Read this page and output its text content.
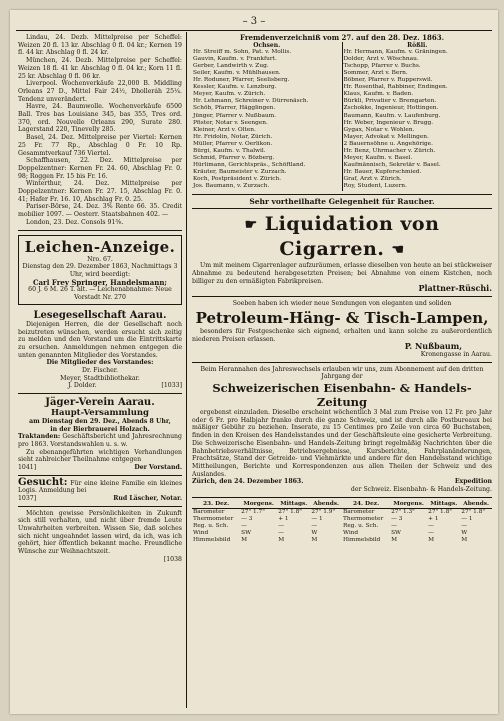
– 3 –

Lindau, 24. Dezb. Mittelpreise per Scheffel: Weizen 20 fl. 13 kr. Abschlag 0 fl. 04 kr.; Kernen 19 fl. 44 kr. Abschlag 0 fl. 24 kr.

München, 24. Dezb. Mittelpreise per Scheffel: Weizen 18 fl. 41 kr. Abschlag 0 fl. 04 kr.; Korn 11 fl. 25 kr. Abschlag 0 fl. 06 kr.

Liverpool. Wochenverkäufe 22,000 B. Middling Orleans 27 D., Mittel Fair 24½, Dholleráh 25¼. Tendenz unverändert.

Havre, 24. Baumwolle. Wochenverkäufe 6500 Ball. Tres bas Louisiane 345, bas 355, Tres ord. 370, ord. Nouvelle Orleans 290, Surate 280. Lagerstand 220, Tinevelly 285.

Basel, 24. Dez. Mittelpreise per Viertel: Kernen 25 Fr. 77 Rp., Abschlag 0 Fr. 10 Rp. Gesammtverkauf 736 Viertel.

Schaffhausen, 22. Dez. Mittelpreise per Doppelzentner: Kernen Fr. 24. 60, Abschlag Fr. 0. 98; Roggen Fr. 15 bis Fr. 16.

Winterthur, 24. Dez. Mittelpreise per Doppelzentner: Kernen Fr. 27. 15, Abschlag Fr. 0. 41; Hafer Fr. 16. 10, Abschlag Fr. 0. 25.

Pariser-Börse, 24. Dez. 3% Rente 66. 35. Credit mobilier 1097. — Oesterr. Staatsbahnen 402. —

London, 23. Dez. Consols 91⅜.

Leichen-Anzeige.

Nro. 67.

Dienstag den 29. Dezember 1863, Nachmittags 3 Uhr, wird beerdigt:

Carl Frey Springer, Handelsmann;

60 J. 6 M. 26 T. alt. — Leichenabnahme: Neue Vorstadt Nr. 270

Lesegesellschaft Aarau.

Diejenigen Herren, die der Gesellschaft noch beizutreten wünschen, werden ersucht sich zeitig zu melden und den Vorstand um die Eintrittskarte zu ersuchen. Anmeldungen nehmen entgegen die unten genannten Mitglieder des Vorstandes.

Die Mitglieder des Vorstandes:

Dr. Fischer.

Meyer, Stadtbibliothekar.

J. Dolder.	[1033]
Jäger-Verein Aarau.
Haupt-Versammlung

am Dienstag den 29. Dez., Abends 8 Uhr,

in der Bierbrauerei Holzach.

Traktanden: Geschäftsbericht und Jahresrechnung pro 1863. Vorstandswahlen u. s. w.

Zu ebenangeführten wichtigen Verhandlungen sieht zahlreicher Theilnahme entgegen

1041]	Der Vorstand.

Gesucht: Für eine kleine Familie ein kleines Logis. Anmeldung bei

1037]	Rud Läscher, Notar.

Möchten gewisse Persönlichkeiten in Zukunft sich still verhalten, und nicht über fremde Leute Unwahrheiten verbreiten. Wissen Sie, daß solches sich nicht ungeahndet lassen wird, da ich, was ich gehört, hier öffentlich bekannt mache. Freundliche Wünsche zur Weihnachtszeit.

[1038

Fremdenverzeichniß vom 27. auf den 28. Dez. 1863.

Ochsen.
Hr. Streiff m. Sohn, Pat. v. Mollis.
Gauvin, Kaufm. v. Frankfurt.
Gerber, Landwirth v. Zug.
Seiler, Kaufm. v. Mühlhausen.
Hr. Roduner, Pfarrer, Seelisberg.
Kessler, Kaufm. v. Lenzburg.
Meyer, Kaufm. v. Zürich.
Hr. Lehmann, Schreiner v. Dürrenäsch.
Schöb, Pfarrer, Hägglingen.
Jünger, Pfarrer v. Nußbaum.
Pfister, Notar v. Seengen.
Kleiner, Arzt v. Olten.
Hr. Fridolin, Notar, Zürich.
Müller, Pfarrer v. Oerlikon.
Bürgi, Kaufm. v. Thalwil.
Schmid, Pfarrer v. Bözberg.
Hürlimann, Gerichtspräs., Schöftland.
Kräuter, Baumeister v. Zurzach.
Koch, Postpräsident v. Zürich.
Jos. Baumann, v. Zurzach.

Rößli.
Hr. Hermann, Kaufm. v. Gräningen.
Dolder, Arzt v. Wöschnau.
Tschopp, Pfarrer v. Buchs.
Sommer, Arzt v. Bern.
Böbner, Pfarrer v. Rupperswil.
Hr. Rosenthal, Rabbiner, Endingen.
Klaus, Kaufm. v. Baden.
Bürkli, Privatier v. Bremgarten.
Zschokke, Ingenieur, Hottingen.
Baumann, Kaufm. v. Laufenburg.
Hr. Weber, Ingenieur v. Brugg.
Gygax, Notar v. Wohlen.
Mayer, Advokat v. Mellingen.
2 Bauernsöhne u. Angehörige.
Hr. Benz, Uhrmacher v. Zürich.
Meyer, Kaufm. v. Basel.
Kaufmännisch, Sekretär v. Basel.
Hr. Bauer, Kupferschmied.
Graf, Arzt v. Zürich.
Roy, Student, Luzern.

Sehr vortheilhafte Gelegenheit für Raucher.

☛ Liquidation von Cigarren. ☚

Um mit meinem Cigarrenlager aufzuräumen, erlasse dieselben von heute an bei stückweiser Abnahme zu bedeutend herabgesetzten Preisen; bei Abnahme von einem Kistchen, noch billiger zu den ermäßigten Fabrikpreisen.

Plattner-Rüschi.

Soeben haben ich wieder neue Sendungen von eleganten und soliden

Petroleum-Häng- & Tisch-Lampen,

besonders für Festgeschenke sich eignend, erhalten und kann solche zu außerordentlich niederen Preisen erlassen.

P. Nußbaum,

Kronengasse in Aarau.

Beim Herannahen des Jahreswechsels erlauben wir uns, zum Abonnement auf den dritten Jahrgang der

Schweizerischen Eisenbahn- & Handels-Zeitung

ergebenst einzuladen. Dieselbe erscheint wöchentlich 3 Mal zum Preise von 12 Fr. pro Jahr oder 6 Fr. pro Halbjahr franko durch die ganze Schweiz, und ist durch alle Postbureaux bei mäßiger Gebühr zu beziehen. Inserate, zu 15 Centimes pro Zeile von circa 60 Buchstaben, finden in den Kreisen des Handelsstandes und der Geschäftsleute eine gesicherte Verbreitung. Die Schweizerische Eisenbahn- und Handels-Zeitung bringt regelmäßig Nachrichten über die Bahnbetriebsverhältnisse, Betriebsergebnisse, Kursberichte, Fahrplanänderungen, Frachtsätze, Stand der Getreide- und Viehmärkte und andere für den Handelsstand wichtige Mittheilungen, Berichte und Korrespondenzen aus allen Theilen der Schweiz und des Auslandes.

Zürich, den 24. Dezember 1863.	Expedition

der Schweiz. Eisenbahn- & Handels-Zeitung.

23. Dez.	Morgens.	Mittags.	Abends.	24. Dez.	Morgens.	Mittags.	Abends.
Barometer	27" 1.7"	27" 1.8"	27" 1.9"	Barometer	27" 1.3"	27" 1.8"	27" 1.8"
Thermometer	— 3	+ 1	— 1	Thermometer	— 3	+ 1	— 1
Reg. u. Sch.	—	—	—	Reg. u. Sch.	—	—	—
Wind	SW	—	W	Wind	SW	—	W
Himmelsbild	M	M	M	Himmelsbild	M	M	M
